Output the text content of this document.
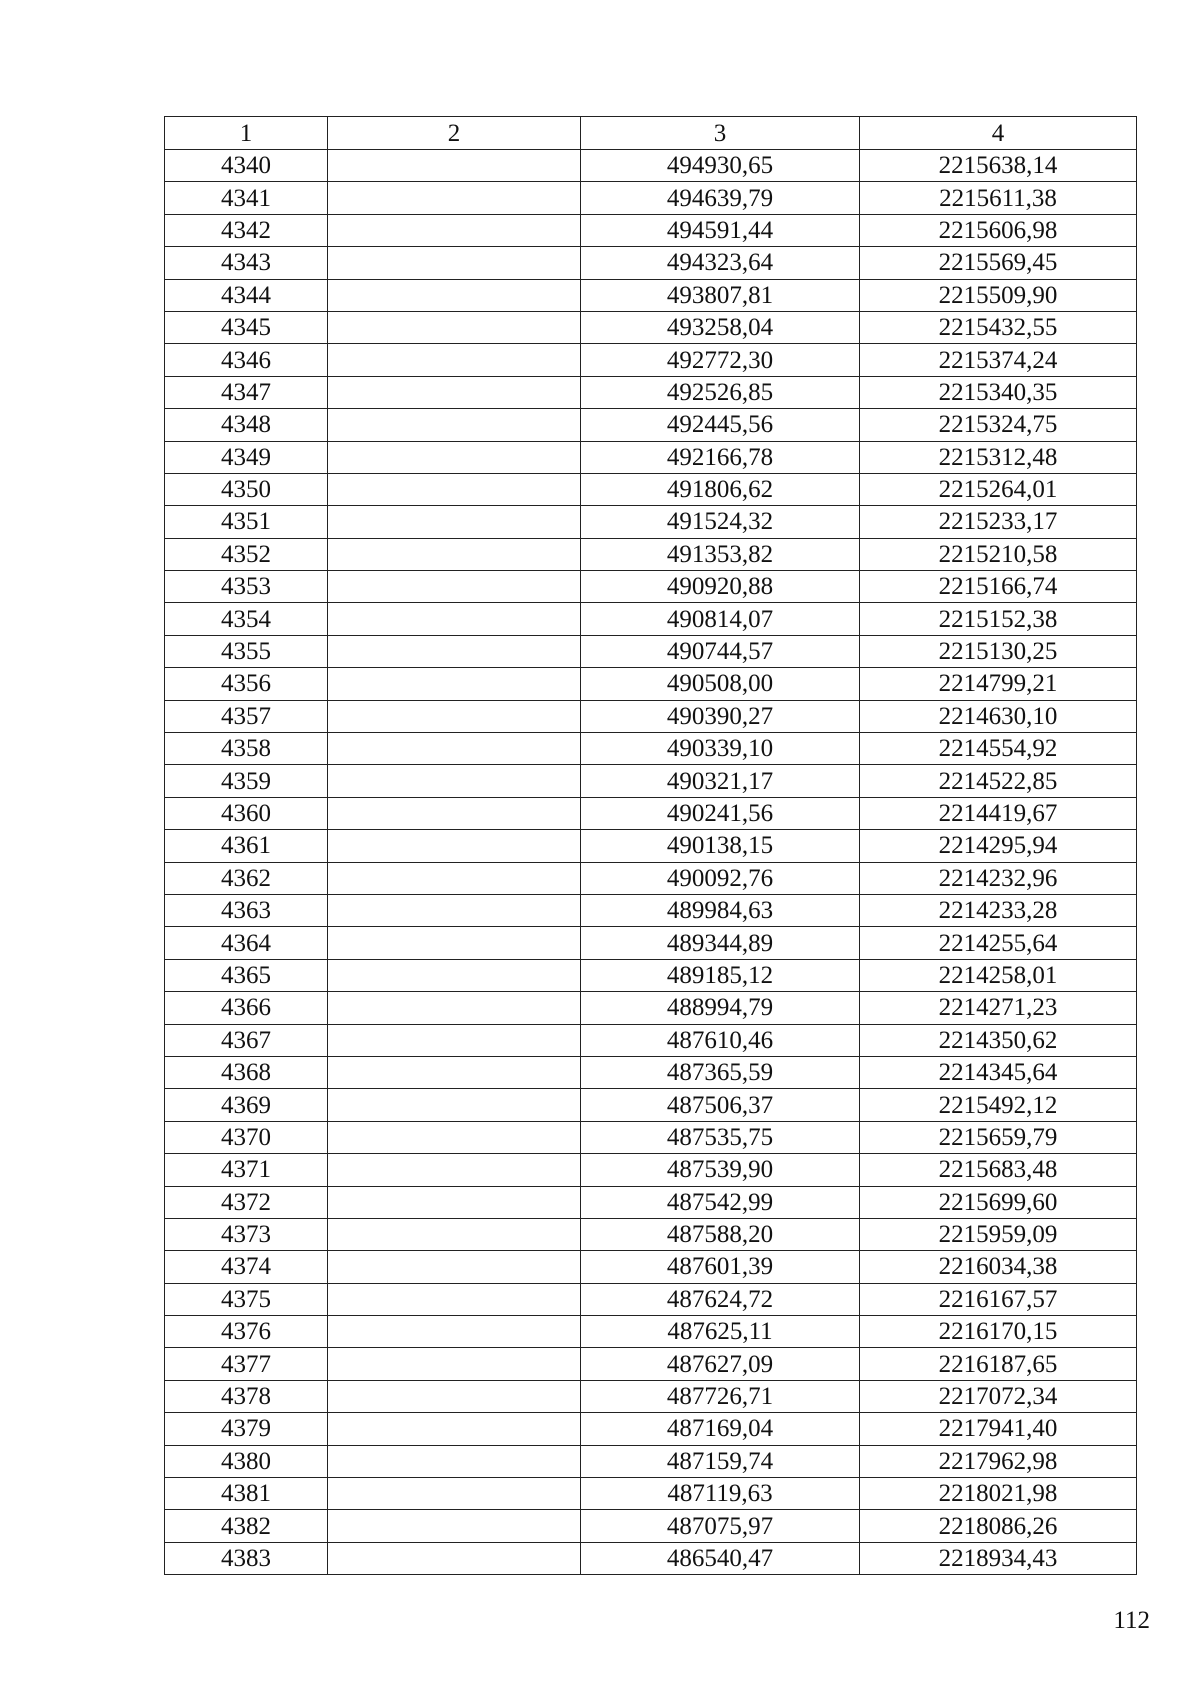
1	2	3	4
4340		494930,65	2215638,14
4341		494639,79	2215611,38
4342		494591,44	2215606,98
4343		494323,64	2215569,45
4344		493807,81	2215509,90
4345		493258,04	2215432,55
4346		492772,30	2215374,24
4347		492526,85	2215340,35
4348		492445,56	2215324,75
4349		492166,78	2215312,48
4350		491806,62	2215264,01
4351		491524,32	2215233,17
4352		491353,82	2215210,58
4353		490920,88	2215166,74
4354		490814,07	2215152,38
4355		490744,57	2215130,25
4356		490508,00	2214799,21
4357		490390,27	2214630,10
4358		490339,10	2214554,92
4359		490321,17	2214522,85
4360		490241,56	2214419,67
4361		490138,15	2214295,94
4362		490092,76	2214232,96
4363		489984,63	2214233,28
4364		489344,89	2214255,64
4365		489185,12	2214258,01
4366		488994,79	2214271,23
4367		487610,46	2214350,62
4368		487365,59	2214345,64
4369		487506,37	2215492,12
4370		487535,75	2215659,79
4371		487539,90	2215683,48
4372		487542,99	2215699,60
4373		487588,20	2215959,09
4374		487601,39	2216034,38
4375		487624,72	2216167,57
4376		487625,11	2216170,15
4377		487627,09	2216187,65
4378		487726,71	2217072,34
4379		487169,04	2217941,40
4380		487159,74	2217962,98
4381		487119,63	2218021,98
4382		487075,97	2218086,26
4383		486540,47	2218934,43
112
